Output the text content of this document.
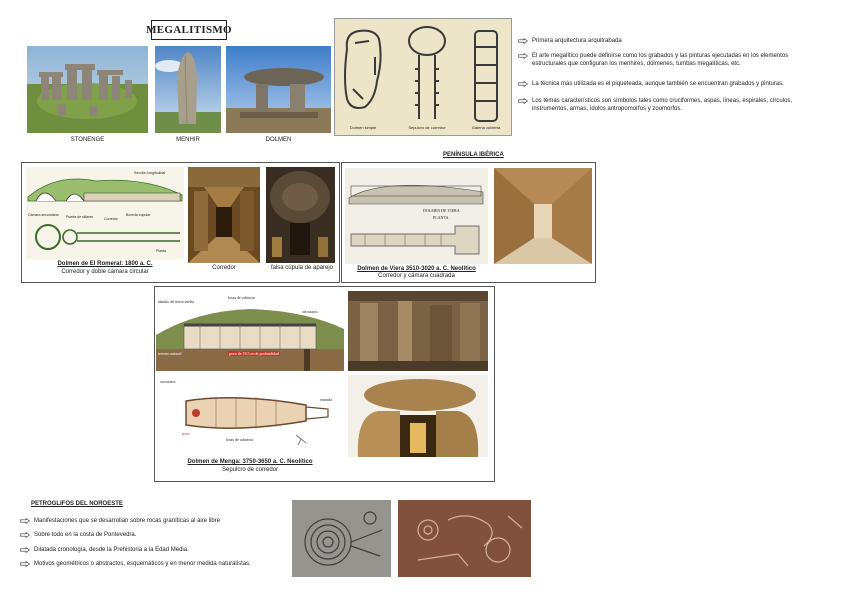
MEGALITISMO
STONENGE	MENHIR	DOLMEN
Dolmen simple	Sepulcro de corredor	Galería cubierta
Primera arquitectura arquitrabada
El arte megalítico puede definirse como los grabados y las pinturas ejecutadas en los elementos estructurales que configuran los menhires, dólmenes, tumbas megalíticas, etc.
La técnica más utilizada es el piqueteada, aunque también se encuentran grabados y pinturas.
Los temas característicos son símbolos tales como cruciformes, aspas, líneas, espirales, círculos, instrumentos, armas, ídolos antropomorfos y zoomorfos.
PENÍNSULA IBÉRICA
Sección longitudinal
Cámara secundaria Puerta de sillares	Corredor
Bóveda cupular
Planta
Dolmen de El Romeral: 1800 a. C.
Corredor y doble cámara circular
Corredor	falsa cúpula de aparejo
DOLMEN DE VIERA
PLANTA
Dolmen de Viera 3510-3020 a. C. Neolítico
Corredor y cámara cuadrada
túmulo de tierra suelta
losas de cubierta
ortostatos
terreno natural	pozo de 19,5 m de profundidad
ortostatos
entrada
pozo
losas de cubierta
Dolmen de Menga: 3750-3650 a. C. Neolítico
Sepulcro de corredor
PETROGLIFOS DEL NOROESTE
Manifestaciones que se desarrollan sobre rocas graníticas al aire libre
Sobre todo en la costa de Pontevedra.
Dilatada cronología, desde la Prehistoria a la Edad Media.
Motivos geométricos o abstractos, esquemáticos y en menor medida naturalistas.
